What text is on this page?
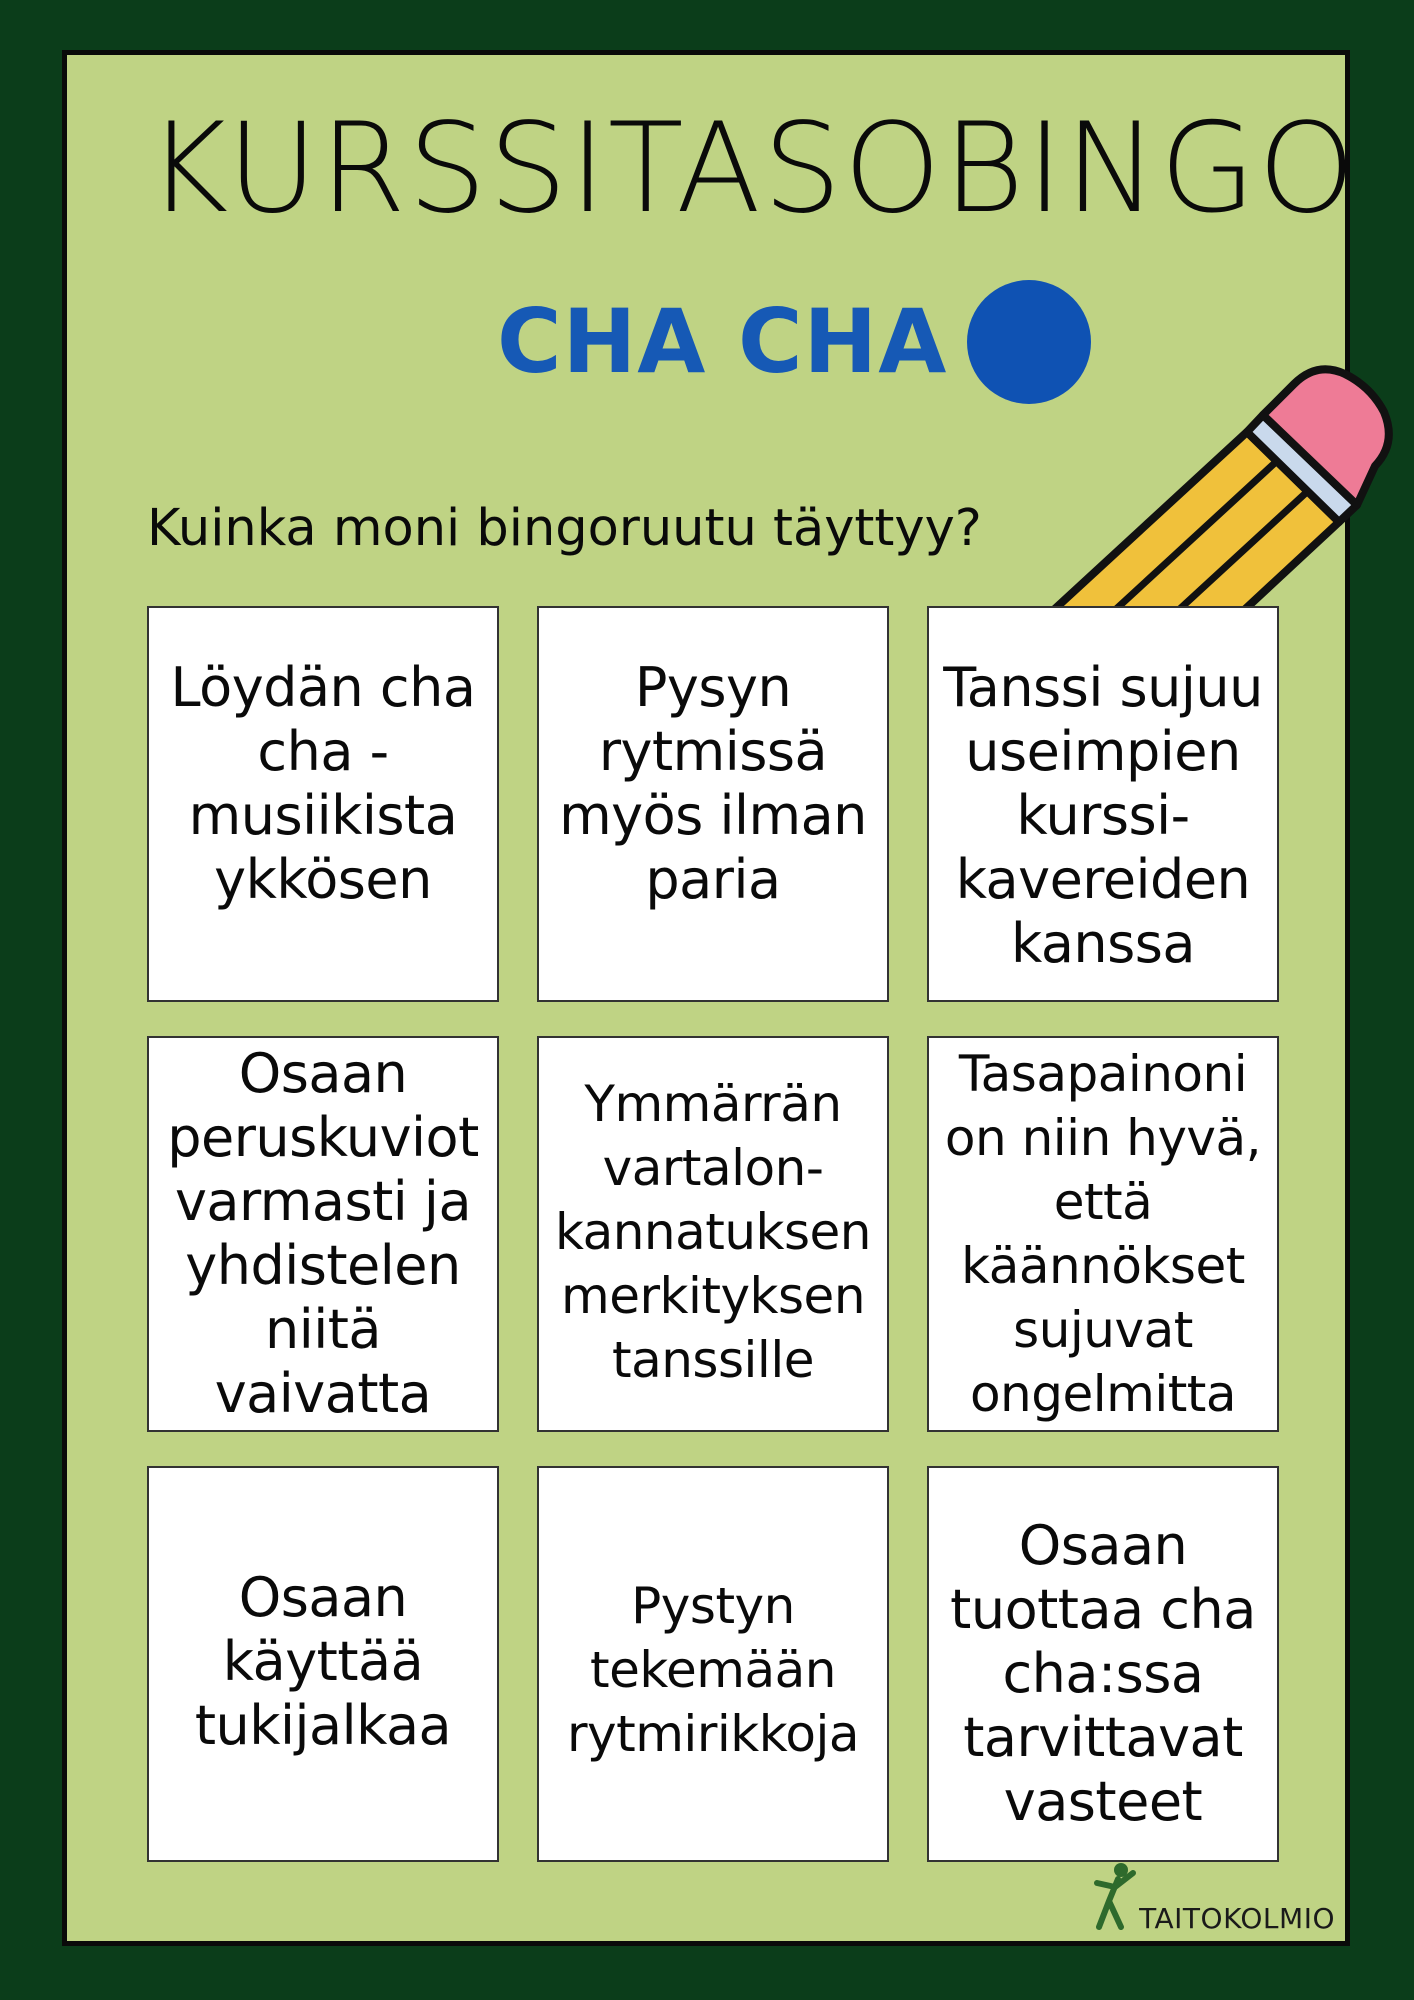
KURSSITASOBINGO
CHA CHA
Kuinka moni bingoruutu täyttyy?
Löydän cha cha -musiikista ykkösen
Pysyn rytmissä myös ilman paria
Tanssi sujuu useimpien kurssi-kavereiden kanssa
Osaan peruskuviot varmasti ja yhdistelen niitä vaivatta
Ymmärrän vartalon-kannatuksen merkityksen tanssille
Tasapainoni on niin hyvä, että käännökset sujuvat ongelmitta
Osaan käyttää tukijalkaa
Pystyn tekemään rytmirikkoja
Osaan tuottaa cha cha:ssa tarvittavat vasteet
TAITOKOLMIO
